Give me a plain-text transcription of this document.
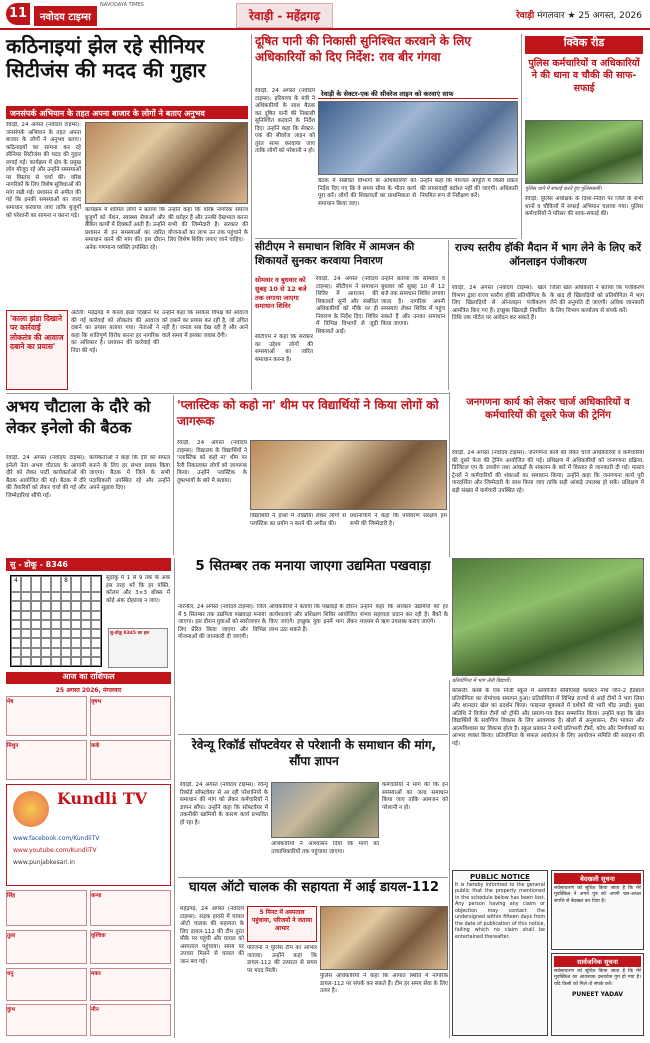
11	नवोदय टाइम्स
NAVODAYA TIMES
रेवाड़ी - महेंद्रगढ़	रेवाड़ी मंगलवार ★ 25 अगस्त, 2026
कठिनाइयां झेल रहे सीनियर सिटीजंस की मदद की गुहार
जनसंपर्क अभियान के तहत अपना बाजार के लोगों ने बताए अनुभव
रेवाड़ी, 24 अगस्त (नवोदय टाइम्स): जनसंपर्क अभियान के तहत अपना बाजार के लोगों ने अनुभव बताए। कठिनाइयों का सामना कर रहे सीनियर सिटीजंस की मदद की गुहार लगाई गई। कार्यक्रम में क्षेत्र के प्रमुख लोग मौजूद रहे और उन्होंने समस्याओं पर विस्तार से चर्चा की। वरिष्ठ नागरिकों के लिए विशेष सुविधाओं की मांग रखी गई। प्रशासन से अपील की गई कि इनकी समस्याओं का जल्द समाधान करवाया जाए ताकि बुजुर्गों को परेशानी का सामना न करना पड़े।
कार्यक्रम में शामिल लोगों ने बताया कि बुजुर्गों को पेंशन, स्वास्थ्य सेवाओं और बैंकिंग कार्यों में दिक्कतें आती हैं। उन्होंने प्रशासन से इन समस्याओं का त्वरित समाधान करने की मांग की। इस दौरान अनेक गणमान्य व्यक्ति उपस्थित रहे।
उन्होंने कहा कि वरिष्ठ नागरिक समाज की धरोहर हैं और उनकी देखभाल करना सभी की जिम्मेदारी है। सरकार की योजनाओं का लाभ उन तक पहुंचाने के लिए विशेष शिविर लगाए जाने चाहिए।
'काला झंडा दिखाने पर कार्रवाई लोकतंत्र की आवाज दबाने का प्रयास'
अटेली: महेंद्रगढ़ में काला झंडा दिखाने पर की गई कार्रवाई को लोकतंत्र की आवाज दबाने का प्रयास बताया गया। नेताओं ने कहा कि शांतिपूर्ण विरोध करना हर नागरिक का अधिकार है। प्रशासन की कार्रवाई की निंदा की गई।
उन्होंने कहा कि सरकार विपक्ष की आवाज को दबाने का प्रयास कर रही है, जो उचित नहीं है। जनता सब देख रही है और आने वाले समय में इसका जवाब देगी।
दूषित पानी की निकासी सुनिश्चित करवाने के लिए अधिकारियों को दिए निर्देश: राव बीर गंगवा
रेवाड़ी, 24 अगस्त (नवोदय टाइम्स): हरियाणा के मंत्री ने अधिकारियों के साथ बैठक कर दूषित पानी की निकासी सुनिश्चित करवाने के निर्देश दिए। उन्होंने कहा कि सेक्टर-एक की सीवरेज लाइन को तुरंत साफ करवाया जाए ताकि लोगों को परेशानी न हो।
रेवाड़ी के सेक्टर-एक की सीवरेज लाइन को करवाएं साफ
बैठक में संबंधित विभागों के अधिकारियों को निर्देश दिए गए कि वे समय सीमा के भीतर कार्य पूरा करें। लोगों की शिकायतों का प्राथमिकता से समाधान किया जाए।
उन्होंने कहा कि पेयजल आपूर्ति में किसी प्रकार की लापरवाही बर्दाश्त नहीं की जाएगी। अधिकारी नियमित रूप से निरीक्षण करें।
क्विक रीड
पुलिस कर्मचारियों व अधिकारियों ने की थाना व चौकी की साफ-सफाई
पुलिस थाने में सफाई करते हुए पुलिसकर्मी।
रेवाड़ी: पुलिस अधीक्षक के दिशा-निर्देश पर जिले के सभी थानों व चौकियों में सफाई अभियान चलाया गया। पुलिस कर्मचारियों ने परिसर की साफ-सफाई की।
सीटीएम ने समाधान शिविर में आमजन की शिकायतें सुनकर करवाया निवारण
सोमवार व बुधवार को सुबह 10 से 12 बजे तक लगाया जाएगा समाधान शिविर
रेवाड़ी, 24 अगस्त (नवोदय टाइम्स): सीटीएम ने समाधान शिविर में आमजन की शिकायतें सुनीं और संबंधित अधिकारियों को मौके पर ही निवारण के निर्देश दिए। शिविर में विभिन्न विभागों से जुड़ी शिकायतें आईं।
उन्होंने बताया कि सोमवार व बुधवार को सुबह 10 से 12 बजे तक समाधान शिविर लगाया जाता है। नागरिक अपनी समस्याएं लेकर शिविर में पहुंच सकते हैं और उनका समाधान किया जाएगा।
सीटीएम ने कहा कि सरकार का उद्देश्य लोगों की समस्याओं का त्वरित समाधान करना है।
राज्य स्तरीय हॉकी मैदान में भाग लेने के लिए करें ऑनलाइन पंजीकरण
रेवाड़ी, 24 अगस्त (नवोदय टाइम्स): खेल विभाग द्वारा राज्य स्तरीय हॉकी प्रतियोगिता के लिए खिलाड़ियों से ऑनलाइन पंजीकरण आमंत्रित किए गए हैं। इच्छुक खिलाड़ी निर्धारित तिथि तक पोर्टल पर आवेदन कर सकते हैं।
जिला खेल अधिकारी ने बताया कि पंजीकरण के बाद ही खिलाड़ियों को प्रतियोगिता में भाग लेने की अनुमति दी जाएगी। अधिक जानकारी के लिए विभाग कार्यालय से संपर्क करें।
अभय चौटाला के दौरे को लेकर इनेलो की बैठक
रेवाड़ी, 24 अगस्त (नवोदय टाइम्स): इनेलो नेता अभय चौटाला के आगामी दौरे को लेकर पार्टी कार्यकर्ताओं की बैठक आयोजित की गई। बैठक में दौरे की तैयारियों को लेकर चर्चा की गई और जिम्मेदारियां सौंपी गईं।
कार्यकर्ताओं ने कहा कि दौरे को सफल बनाने के लिए हर संभव प्रयास किया जाएगा। बैठक में जिले के सभी पदाधिकारी उपस्थित रहे और उन्होंने अपने सुझाव दिए।
'प्लास्टिक को कहो ना' थीम पर विद्यार्थियों ने किया लोगों को जागरूक
रेवाड़ी, 24 अगस्त (नवोदय टाइम्स): विद्यालय के विद्यार्थियों ने 'प्लास्टिक को कहो ना' थीम पर रैली निकालकर लोगों को जागरूक किया। उन्होंने प्लास्टिक के दुष्प्रभावों के बारे में बताया।
विद्यार्थियों ने हाथों में तख्तियां लेकर लोगों से प्लास्टिक का प्रयोग न करने की अपील की।
प्रधानाचार्य ने कहा कि पर्यावरण संरक्षण हम सभी की जिम्मेदारी है।
जनगणना कार्य को लेकर चार्ज अधिकारियों व कर्मचारियों की दूसरे फेज की ट्रेनिंग
रेवाड़ी, 24 अगस्त (नवोदय टाइम्स): जनगणना कार्य को लेकर चार्ज अधिकारियों व कर्मचारियों की दूसरे फेज की ट्रेनिंग आयोजित की गई। प्रशिक्षण में अधिकारियों को जनगणना प्रक्रिया, डिजिटल एप के उपयोग तथा आंकड़ों के संकलन के बारे में विस्तार से जानकारी दी गई। मास्टर ट्रेनरों ने कर्मचारियों की शंकाओं का समाधान किया। उन्होंने कहा कि जनगणना कार्य पूरी पारदर्शिता और जिम्मेदारी के साथ किया जाए ताकि सही आंकड़े उपलब्ध हो सकें। प्रशिक्षण में बड़ी संख्या में कर्मचारी उपस्थित रहे।
सु - डोकू - 8346
4	8	सुडोकू में 1 से 9 तक के अंक इस तरह भरें कि हर पंक्ति, कॉलम और 3×3 बॉक्स में कोई अंक दोहराया न जाए।
सु-डोकू 8345 का हल
आज का राशिफल
25 अगस्त 2026, मंगलवार
मेष	वृषभ
मिथुन	कर्क
सिंह	कन्या
तुला	वृश्चिक
धनु	मकर
कुंभ	मीन
Kundli TV
www.facebook.com/KundliTV
www.youtube.com/KundliTV
www.punjabkesari.in
प्रतियोगिता में भाग लेती विद्यार्थी।
कोसली: कस्बे के एक निजी स्कूल में आयोजित सीबीएसई क्लस्टर नॉर्थ जोन-2 हैंडबाल प्रतियोगिता का रोमांचक समापन हुआ। प्रतियोगिता में विभिन्न राज्यों से आई टीमों ने भाग लिया और शानदार खेल का प्रदर्शन किया। फाइनल मुकाबले में दर्शकों की भारी भीड़ उमड़ी। मुख्य अतिथि ने विजेता टीमों को ट्रॉफी और प्रमाण-पत्र देकर सम्मानित किया। उन्होंने कहा कि खेल विद्यार्थियों के सर्वांगीण विकास के लिए आवश्यक है। खेलों से अनुशासन, टीम भावना और आत्मविश्वास का विकास होता है। स्कूल प्रबंधन ने सभी प्रतिभागी टीमों, कोच और निर्णायकों का आभार व्यक्त किया। प्रतियोगिता के सफल आयोजन के लिए आयोजन समिति की सराहना की गई।
5 सितम्बर तक मनाया जाएगा उद्यमिता पखवाड़ा
नारनौल, 24 अगस्त (नवोदय टाइम्स): जिले में 5 सितम्बर तक उद्यमिता पखवाड़ा मनाया जाएगा। इस दौरान युवाओं को स्वरोजगार के लिए प्रेरित किया जाएगा और विभिन्न योजनाओं की जानकारी दी जाएगी।
अधिकारियों ने बताया कि पखवाड़े के दौरान कार्यशालाएं और प्रशिक्षण शिविर आयोजित किए जाएंगे। इच्छुक युवा इनमें भाग लेकर लाभ उठा सकते हैं।
उन्होंने कहा कि सरकार उद्यमियों को हर संभव सहायता प्रदान कर रही है। बैंकों के माध्यम से ऋण उपलब्ध कराए जाएंगे।
रेवेन्यू रिकॉर्ड सॉफ्टवेयर से परेशानी के समाधान की मांग, सौंपा ज्ञापन
रेवाड़ी, 24 अगस्त (नवोदय टाइम्स): रेवेन्यू रिकॉर्ड सॉफ्टवेयर से आ रही परेशानियों के समाधान की मांग को लेकर कर्मचारियों ने ज्ञापन सौंपा। उन्होंने कहा कि सॉफ्टवेयर में तकनीकी खामियों के कारण कार्य प्रभावित हो रहा है।
कर्मचारियों ने मांग की कि इन समस्याओं का जल्द समाधान किया जाए ताकि आमजन को परेशानी न हो।
अधिकारियों ने आश्वासन दिया कि मांगों को उच्चाधिकारियों तक पहुंचाया जाएगा।
घायल ऑटो चालक की सहायता में आई डायल-112
महेंद्रगढ़, 24 अगस्त (नवोदय टाइम्स): सड़क हादसे में घायल ऑटो चालक की सहायता के लिए डायल-112 की टीम तुरंत मौके पर पहुंची और घायल को अस्पताल पहुंचाया। समय पर उपचार मिलने से घायल की जान बच गई।
5 मिनट में अस्पताल पहुंचाया, परिजनों ने जताया आभार
परिजनों ने पुलिस टीम का आभार जताया। उन्होंने कहा कि डायल-112 की तत्परता से समय पर मदद मिली।
पुलिस अधिकारियों ने कहा कि आपात स्थिति में नागरिक डायल-112 पर संपर्क कर सकते हैं। टीम हर समय सेवा के लिए तत्पर है।
PUBLIC NOTICE
It is hereby informed to the general public that the property mentioned in the schedule below has been lost. Any person having any claim or objection may contact the undersigned within fifteen days from the date of publication of this notice, failing which no claim shall be entertained thereafter.
बेदखली सूचना
सर्वसाधारण को सूचित किया जाता है कि मेरे मुवक्किल ने अपने पुत्र को अपनी चल-अचल संपत्ति से बेदखल कर दिया है।
सार्वजनिक सूचना
सर्वसाधारण को सूचित किया जाता है कि मेरे मुवक्किल का आवश्यक दस्तावेज गुम हो गया है। यदि किसी को मिले तो संपर्क करें।
PUNEET YADAV
